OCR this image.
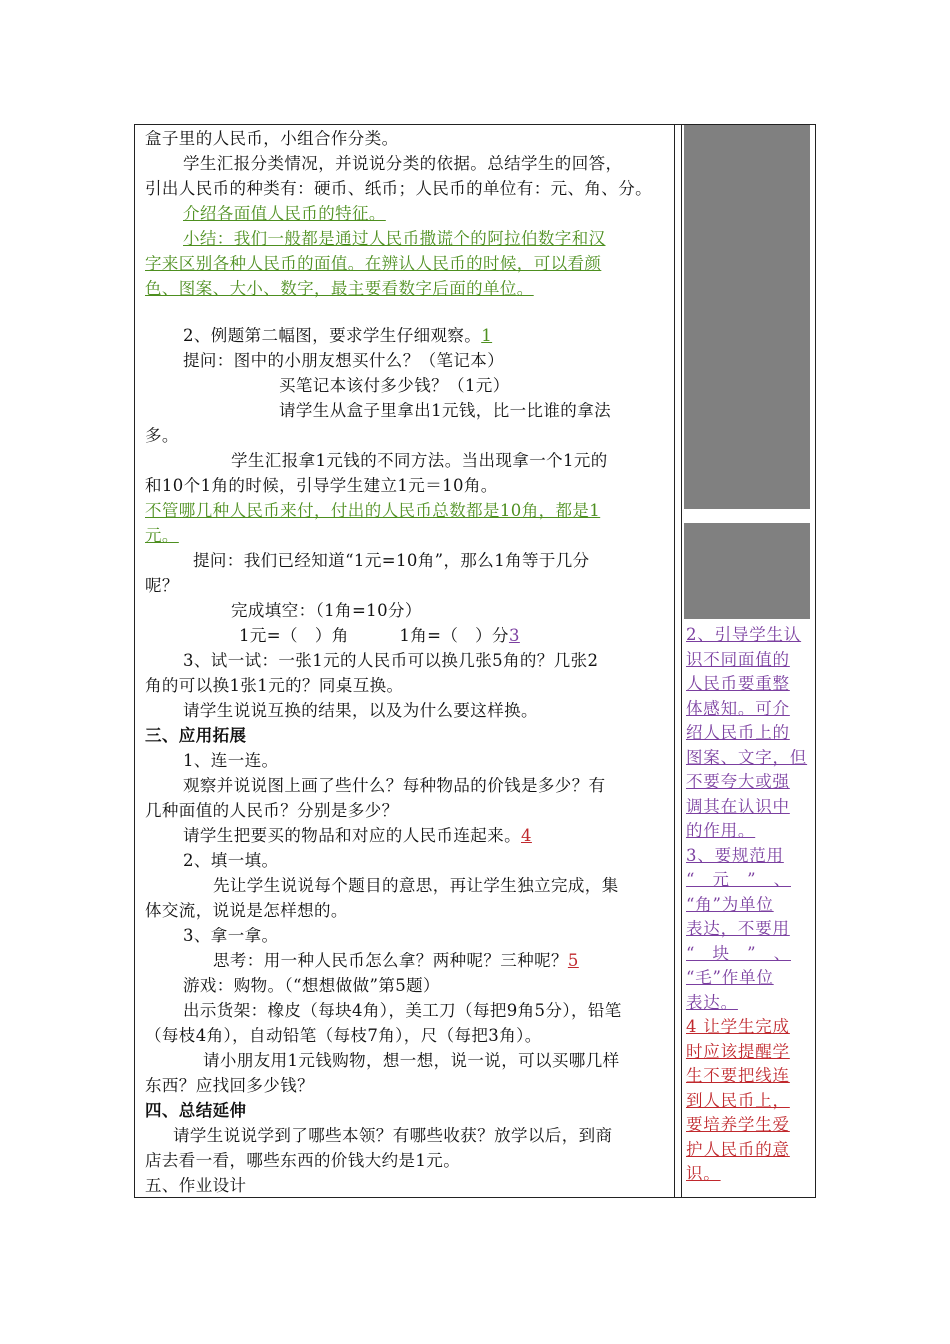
盒子里的人民币，小组合作分类。
学生汇报分类情况，并说说分类的依据。总结学生的回答，
引出人民币的种类有：硬币、纸币；人民币的单位有：元、角、分。
介绍各面值人民币的特征。
小结：我们一般都是通过人民币撒谎个的阿拉伯数字和汉
字来区别各种人民币的面值。在辨认人民币的时候，可以看颜
色、图案、大小、数字，最主要看数字后面的单位。
2、例题第二幅图，要求学生仔细观察。1
提问：图中的小朋友想买什么？（笔记本）
买笔记本该付多少钱？（1元）
请学生从盒子里拿出1元钱，比一比谁的拿法
多。
学生汇报拿1元钱的不同方法。当出现拿一个1元的
和10个1角的时候，引导学生建立1元＝10角。
不管哪几种人民币来付，付出的人民币总数都是10角，都是1
元。
提问：我们已经知道“1元=10角”，那么1角等于几分
呢？
完成填空：（1角=10分）
1元=（　）角　　　1角=（　）分3
3、试一试：一张1元的人民币可以换几张5角的？几张2
角的可以换1张1元的？同桌互换。
请学生说说互换的结果，以及为什么要这样换。
三、应用拓展
1、连一连。
观察并说说图上画了些什么？每种物品的价钱是多少？有
几种面值的人民币？分别是多少？
请学生把要买的物品和对应的人民币连起来。4
2、填一填。
先让学生说说每个题目的意思，再让学生独立完成，集
体交流，说说是怎样想的。
3、拿一拿。
思考：用一种人民币怎么拿？两种呢？三种呢？5
游戏：购物。（“想想做做”第5题）
出示货架：橡皮（每块4角），美工刀（每把9角5分），铅笔
（每枝4角），自动铅笔（每枝7角），尺（每把3角）。
请小朋友用1元钱购物，想一想，说一说，可以买哪几样
东西？应找回多少钱？
四、总结延伸
请学生说说学到了哪些本领？有哪些收获？放学以后，到商
店去看一看，哪些东西的价钱大约是1元。
五、作业设计
2、引导学生认
识不同面值的
人民币要重整
体感知。可介
绍人民币上的
图案、文字，但
不要夸大或强
调其在认识中
的作用。
3、要规范用
“　元　”　、
“角”为单位
表达，不要用
“　块　”　、
“毛”作单位
表达。
4 让学生完成
时应该提醒学
生不要把线连
到人民币上，
要培养学生爱
护人民币的意
识。
